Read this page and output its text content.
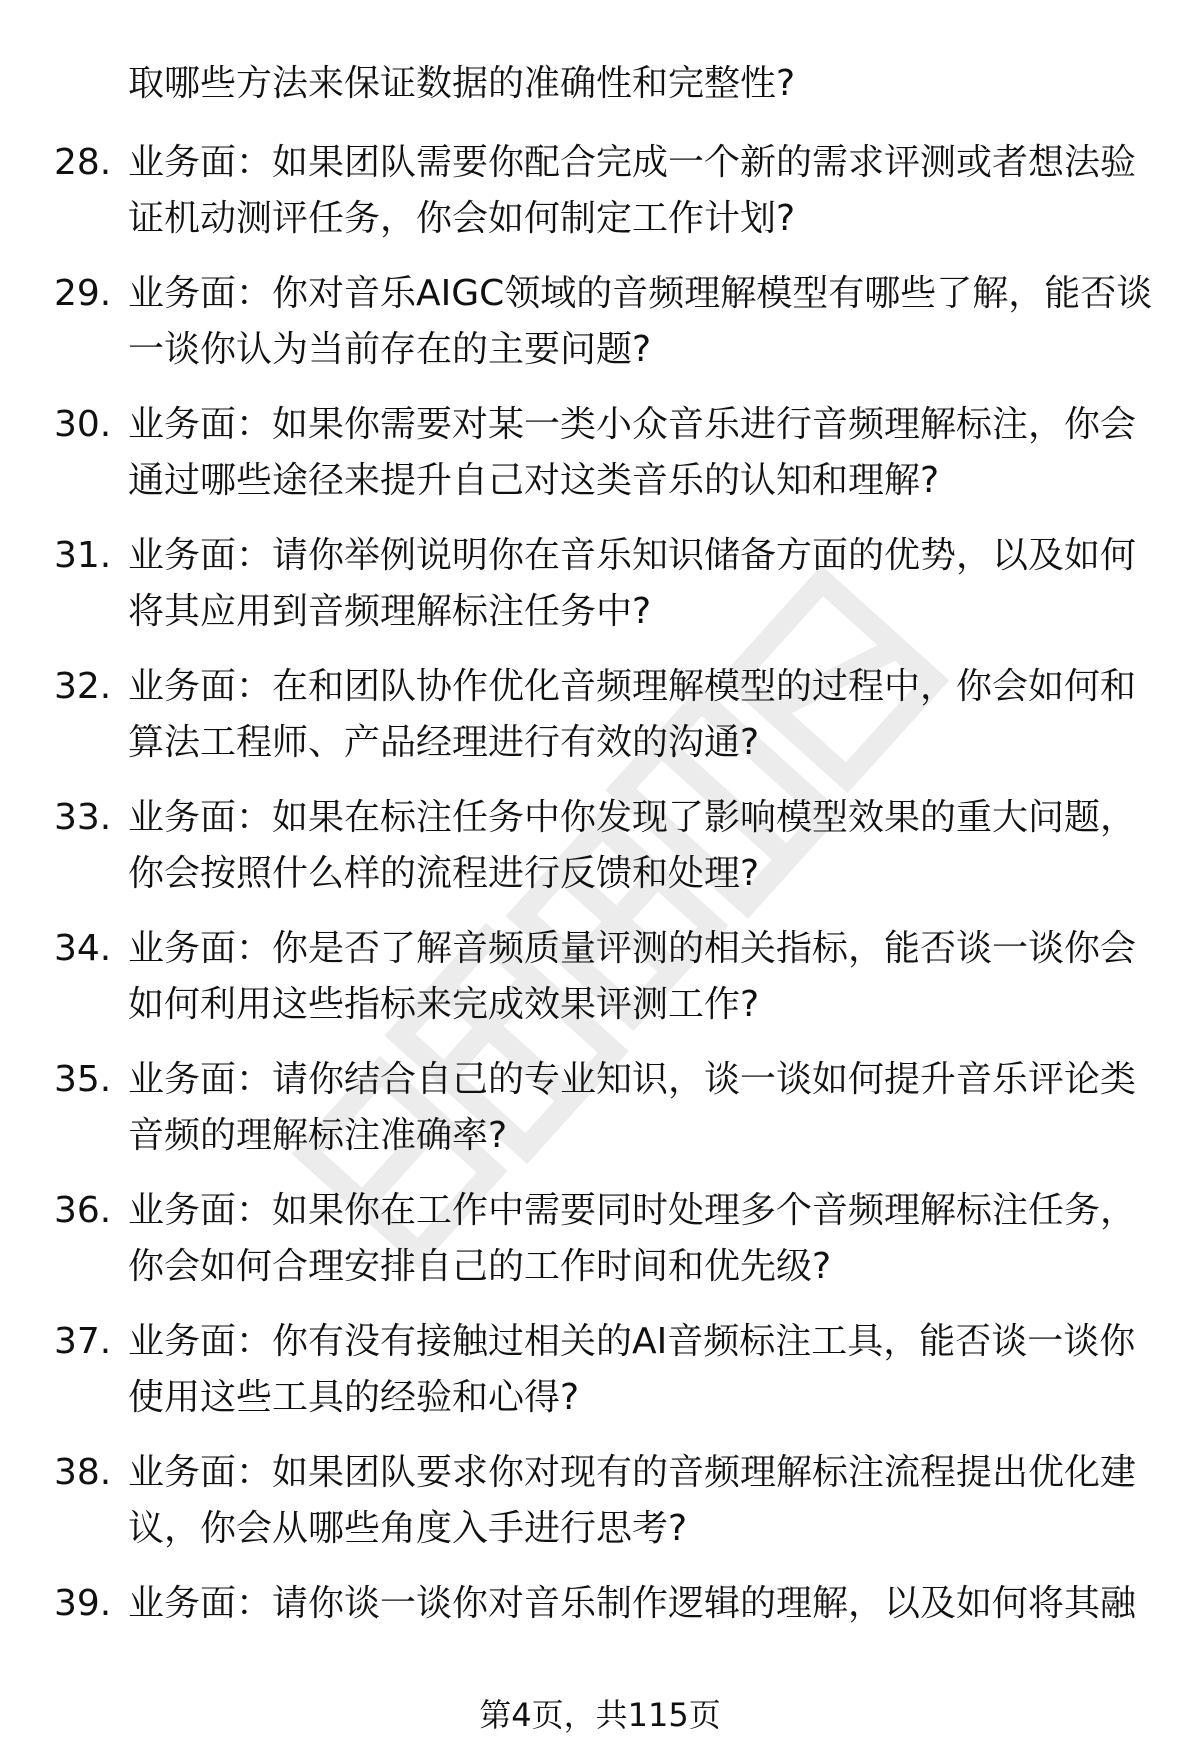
取哪些方法来保证数据的准确性和完整性?
28. 业务面：如果团队需要你配合完成一个新的需求评测或者想法验
证机动测评任务，你会如何制定工作计划?
29. 业务面：你对音乐AIGC领域的音频理解模型有哪些了解，能否谈
一谈你认为当前存在的主要问题?
30. 业务面：如果你需要对某一类小众音乐进行音频理解标注，你会
通过哪些途径来提升自己对这类音乐的认知和理解?
31. 业务面：请你举例说明你在音乐知识储备方面的优势，以及如何
将其应用到音频理解标注任务中?
32. 业务面：在和团队协作优化音频理解模型的过程中，你会如何和
算法工程师、产品经理进行有效的沟通?
33. 业务面：如果在标注任务中你发现了影响模型效果的重大问题，
你会按照什么样的流程进行反馈和处理?
34. 业务面：你是否了解音频质量评测的相关指标，能否谈一谈你会
如何利用这些指标来完成效果评测工作?
35. 业务面：请你结合自己的专业知识，谈一谈如何提升音乐评论类
音频的理解标注准确率?
36. 业务面：如果你在工作中需要同时处理多个音频理解标注任务，
你会如何合理安排自己的工作时间和优先级?
37. 业务面：你有没有接触过相关的AI音频标注工具，能否谈一谈你
使用这些工具的经验和心得?
38. 业务面：如果团队要求你对现有的音频理解标注流程提出优化建
议，你会从哪些角度入手进行思考?
39. 业务面：请你谈一谈你对音乐制作逻辑的理解，以及如何将其融
第4页，共115页
